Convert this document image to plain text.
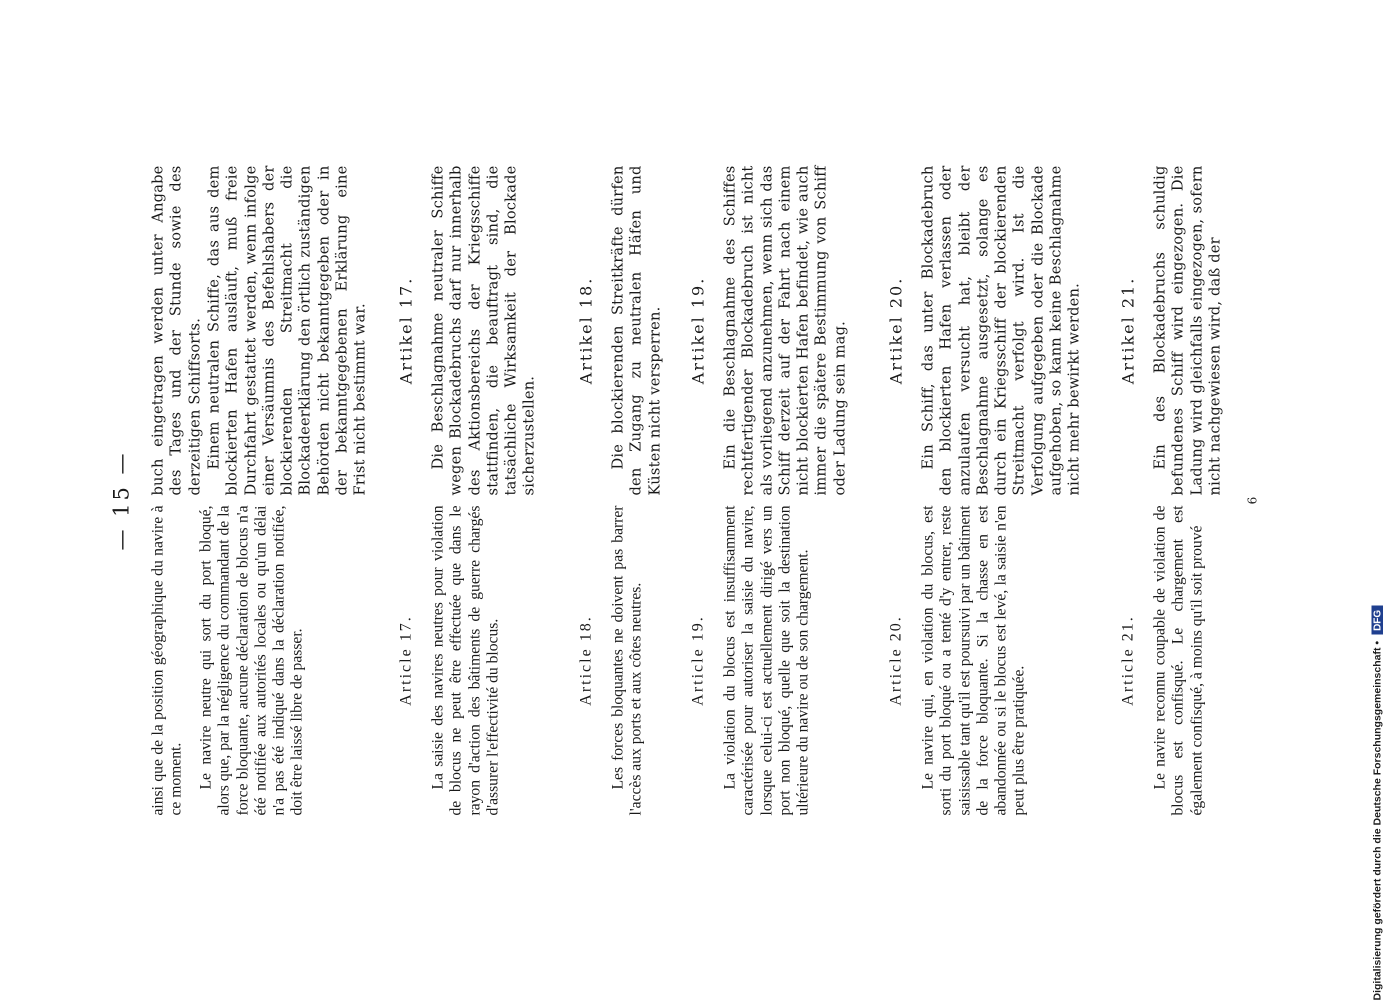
— 15 —

ainsi que de la position géographique du navire à ce moment. Le navire neutre qui sort du port bloqué, alors que, par la négligence du commandant de la force bloquante, aucune déclaration de blocus n'a été notifiée aux autorités locales ou qu'un délai n'a pas été indiqué dans la déclaration notifiée, doit être laissé libre de passer.	Article 17. La saisie des navires neutres pour violation de blocus ne peut être effectuée que dans le rayon d'action des bâtiments de guerre chargés d'assurer l'effectivité du blocus.	Article 18. Les forces bloquantes ne doivent pas barrer l'accès aux ports et aux côtes neutres.	Article 19. La violation du blocus est insuffisamment caractérisée pour autoriser la saisie du navire, lorsque celui-ci est actuellement dirigé vers un port non bloqué, quelle que soit la destination ultérieure du navire ou de son chargement.	Article 20. Le navire qui, en violation du blocus, est sorti du port bloqué ou a tenté d'y entrer, reste saisissable tant qu'il est poursuivi par un bâtiment de la force bloquante. Si la chasse en est abandonnée ou si le blocus est levé, la saisie n'en peut plus être pratiquée.

Article 21. Le navire reconnu coupable de violation de blocus est confisqué. Le chargement est également confisqué, à moins qu'il soit prouvé

buch eingetragen werden unter Angabe des Tages und der Stunde sowie des derzeitigen Schiffsorts. Einem neutralen Schiffe, das aus dem blockierten Hafen ausläuft, muß freie Durchfahrt gestattet werden, wenn infolge einer Versäumnis des Befehlshabers der blockierenden Streitmacht die Blockadeerklärung den örtlich zuständigen Behörden nicht bekanntgegeben oder in der bekanntgegebenen Erklärung eine Frist nicht bestimmt war. Artikel 17. Die Beschlagnahme neutraler Schiffe wegen Blockadebruchs darf nur innerhalb des Aktionsbereichs der Kriegsschiffe stattfinden, die beauftragt sind, die tatsächliche Wirksamkeit der Blockade sicherzustellen.

Artikel 18. Die blockierenden Streitkräfte dürfen den Zugang zu neutralen Häfen und Küsten nicht versperren. Artikel 19. Ein die Beschlagnahme des Schiffes rechtfertigender Blockadebruch ist nicht als vorliegend anzunehmen, wenn sich das Schiff derzeit auf der Fahrt nach einem nicht blockierten Hafen befindet, wie auch immer die spätere Bestimmung von Schiff oder Ladung sein mag. Artikel 20. Ein Schiff, das unter Blockadebruch den blockierten Hafen verlassen oder anzulaufen versucht hat, bleibt der Beschlagnahme ausgesetzt, solange es durch ein Kriegsschiff der blockierenden Streitmacht verfolgt wird. Ist die Verfolgung aufgegeben oder die Blockade aufgehoben, so kann keine Beschlagnahme nicht mehr bewirkt werden. Artikel 21. Ein des Blockadebruchs schuldig befundenes Schiff wird eingezogen. Die Ladung wird gleichfalls eingezogen, sofern nicht nachgewiesen wird, daß der

6
Digitalisierung gefördert durch die Deutsche Forschungsgemeinschaft •DFG
